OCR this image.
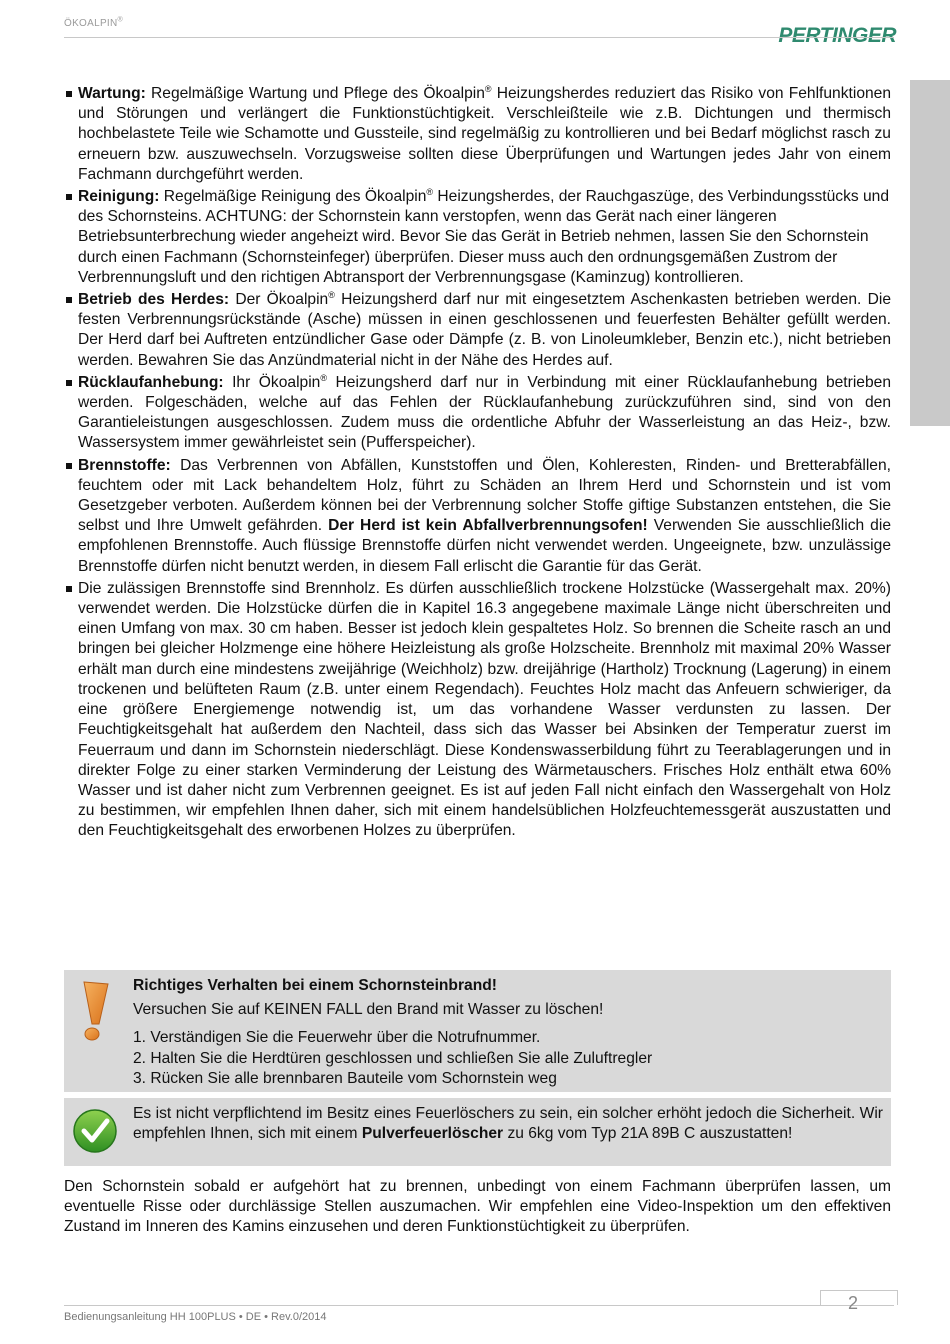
ÖKOALPIN®
PERTINGER

Wartung: Regelmäßige Wartung und Pflege des Ökoalpin® Heizungsherdes reduziert das Risiko von Fehlfunktionen und Störungen und verlängert die Funktionstüchtigkeit. Verschleißteile wie z.B. Dichtungen und thermisch hochbelastete Teile wie Schamotte und Gussteile, sind regelmäßig zu kontrollieren und bei Bedarf möglichst rasch zu erneuern bzw. auszuwechseln. Vorzugsweise sollten diese Überprüfungen und Wartungen jedes Jahr von einem Fachmann durchgeführt werden.

Reinigung: Regelmäßige Reinigung des Ökoalpin® Heizungsherdes, der Rauchgaszüge, des Verbindungsstücks und des Schornsteins. ACHTUNG: der Schornstein kann verstopfen, wenn das Gerät nach einer längeren Betriebsunterbrechung wieder angeheizt wird. Bevor Sie das Gerät in Betrieb nehmen, lassen Sie den Schornstein durch einen Fachmann (Schornsteinfeger) überprüfen. Dieser muss auch den ordnungsgemäßen Zustrom der Verbrennungsluft und den richtigen Abtransport der Verbrennungsgase (Kaminzug) kontrollieren.

Betrieb des Herdes: Der Ökoalpin® Heizungsherd darf nur mit eingesetztem Aschenkasten betrieben werden. Die festen Verbrennungsrückstände (Asche) müssen in einen geschlossenen und feuerfesten Behälter gefüllt werden. Der Herd darf bei Auftreten entzündlicher Gase oder Dämpfe (z. B. von Linoleumkleber, Benzin etc.), nicht betrieben werden. Bewahren Sie das Anzündmaterial nicht in der Nähe des Herdes auf.

Rücklaufanhebung: Ihr Ökoalpin® Heizungsherd darf nur in Verbindung mit einer Rücklaufanhebung betrieben werden. Folgeschäden, welche auf das Fehlen der Rücklaufanhebung zurückzuführen sind, sind von den Garantieleistungen ausgeschlossen. Zudem muss die ordentliche Abfuhr der Wasserleistung an das Heiz-, bzw. Wassersystem immer gewährleistet sein (Pufferspeicher).

Brennstoffe: Das Verbrennen von Abfällen, Kunststoffen und Ölen, Kohleresten, Rinden- und Bretterabfällen, feuchtem oder mit Lack behandeltem Holz, führt zu Schäden an Ihrem Herd und Schornstein und ist vom Gesetzgeber verboten. Außerdem können bei der Verbrennung solcher Stoffe giftige Substanzen entstehen, die Sie selbst und Ihre Umwelt gefährden. Der Herd ist kein Abfallverbrennungsofen! Verwenden Sie ausschließlich die empfohlenen Brennstoffe. Auch flüssige Brennstoffe dürfen nicht verwendet werden. Ungeeignete, bzw. unzulässige Brennstoffe dürfen nicht benutzt werden, in diesem Fall erlischt die Garantie für das Gerät.

Die zulässigen Brennstoffe sind Brennholz. Es dürfen ausschließlich trockene Holzstücke (Wassergehalt max. 20%) verwendet werden. Die Holzstücke dürfen die in Kapitel 16.3 angegebene maximale Länge nicht überschreiten und einen Umfang von max. 30 cm haben. Besser ist jedoch klein gespaltetes Holz. So brennen die Scheite rasch an und bringen bei gleicher Holzmenge eine höhere Heizleistung als große Holzscheite. Brennholz mit maximal 20% Wasser erhält man durch eine mindestens zweijährige (Weichholz) bzw. dreijährige (Hartholz) Trocknung (Lagerung) in einem trockenen und belüfteten Raum (z.B. unter einem Regendach). Feuchtes Holz macht das Anfeuern schwieriger, da eine größere Energiemenge notwendig ist, um das vorhandene Wasser verdunsten zu lassen. Der Feuchtigkeitsgehalt hat außerdem den Nachteil, dass sich das Wasser bei Absinken der Temperatur zuerst im Feuerraum und dann im Schornstein niederschlägt. Diese Kondenswasserbildung führt zu Teerablagerungen und in direkter Folge zu einer starken Verminderung der Leistung des Wärmetauschers. Frisches Holz enthält etwa 60% Wasser und ist daher nicht zum Verbrennen geeignet. Es ist auf jeden Fall nicht einfach den Wassergehalt von Holz zu bestimmen, wir empfehlen Ihnen daher, sich mit einem handelsüblichen Holzfeuchtemessgerät auszustatten und den Feuchtigkeitsgehalt des erworbenen Holzes zu überprüfen.

Richtiges Verhalten bei einem Schornsteinbrand!
Versuchen Sie auf KEINEN FALL den Brand mit Wasser zu löschen!
1. Verständigen Sie die Feuerwehr über die Notrufnummer.
2. Halten Sie die Herdtüren geschlossen und schließen Sie alle Zuluftregler
3. Rücken Sie alle brennbaren Bauteile vom Schornstein weg
Es ist nicht verpflichtend im Besitz eines Feuerlöschers zu sein, ein solcher erhöht jedoch die Sicherheit. Wir empfehlen Ihnen, sich mit einem Pulverfeuerlöscher zu 6kg vom Typ 21A 89B C auszustatten!
Den Schornstein sobald er aufgehört hat zu brennen, unbedingt von einem Fachmann überprüfen lassen, um eventuelle Risse oder durchlässige Stellen auszumachen. Wir empfehlen eine Video-Inspektion um den effektiven Zustand im Inneren des Kamins einzusehen und deren Funktionstüchtigkeit zu überprüfen.
2
Bedienungsanleitung HH 100PLUS • DE • Rev.0/2014
